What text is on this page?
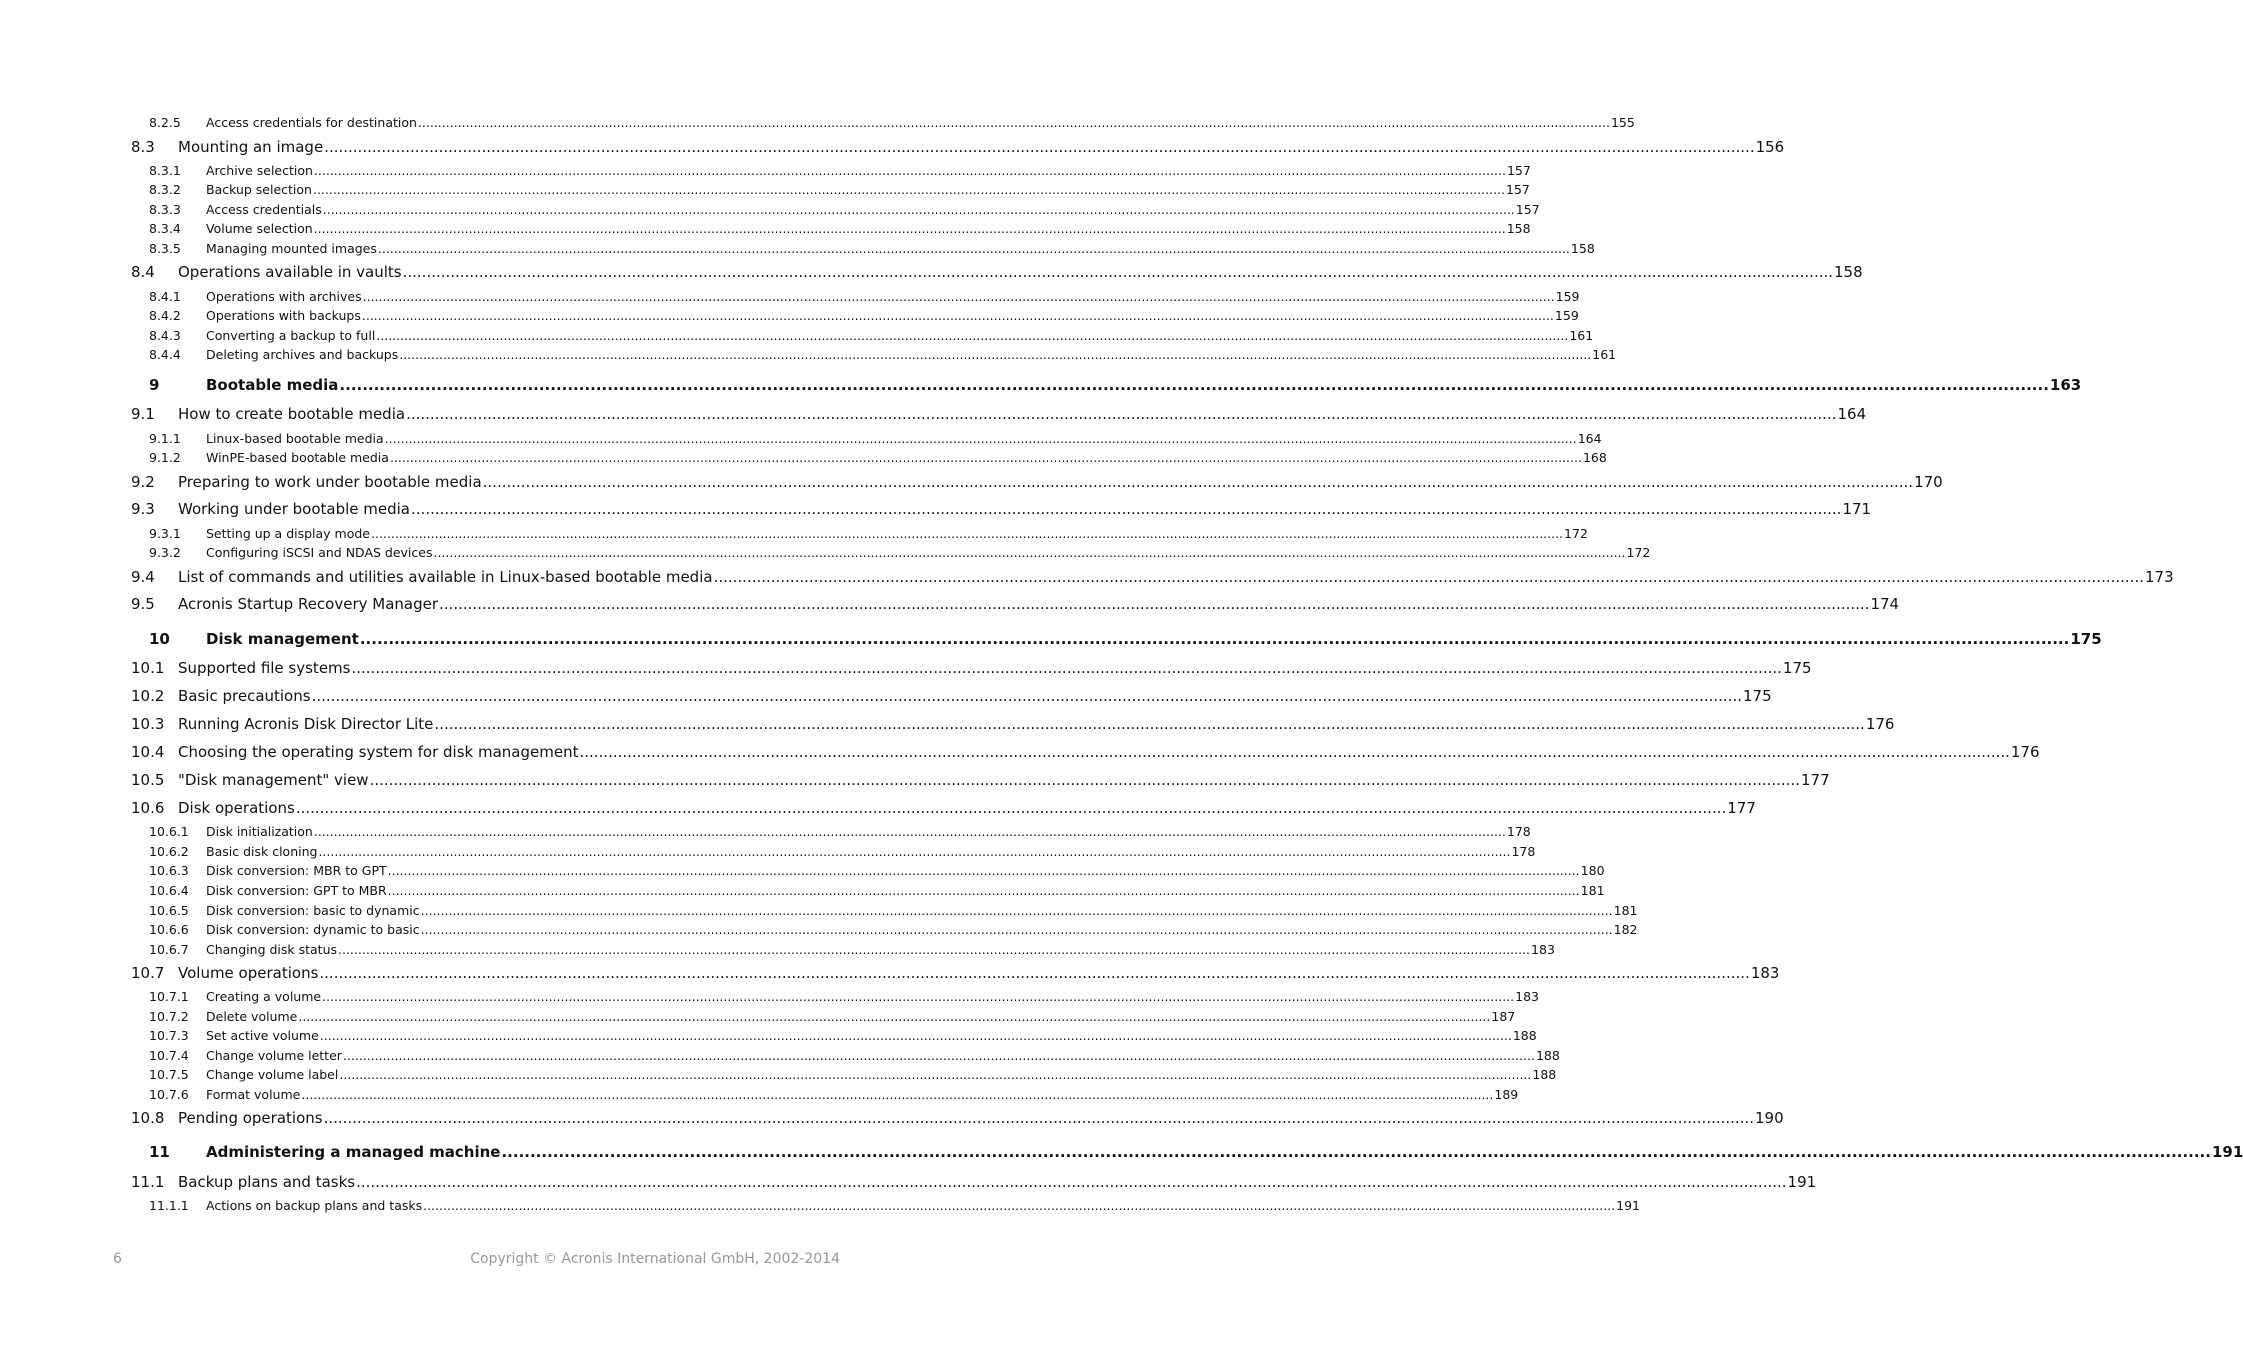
8.2.5 Access credentials for destination ............................................................................................................................................................................................................................................................................................................ 155
8.3 Mounting an image ............................................................................................................................................................................................................................................................................................................ 156
8.3.1 Archive selection ............................................................................................................................................................................................................................................................................................................ 157
8.3.2 Backup selection ............................................................................................................................................................................................................................................................................................................ 157
8.3.3 Access credentials ............................................................................................................................................................................................................................................................................................................ 157
8.3.4 Volume selection ............................................................................................................................................................................................................................................................................................................ 158
8.3.5 Managing mounted images ............................................................................................................................................................................................................................................................................................................ 158
8.4 Operations available in vaults ............................................................................................................................................................................................................................................................................................................ 158
8.4.1 Operations with archives ............................................................................................................................................................................................................................................................................................................ 159
8.4.2 Operations with backups ............................................................................................................................................................................................................................................................................................................ 159
8.4.3 Converting a backup to full ............................................................................................................................................................................................................................................................................................................ 161
8.4.4 Deleting archives and backups ............................................................................................................................................................................................................................................................................................................ 161
9	Bootable media ............................................................................................................................................................................................................................................................................................................ 163
9.1 How to create bootable media ............................................................................................................................................................................................................................................................................................................ 164
9.1.1 Linux-based bootable media ............................................................................................................................................................................................................................................................................................................ 164
9.1.2 WinPE-based bootable media ............................................................................................................................................................................................................................................................................................................ 168
9.2 Preparing to work under bootable media ............................................................................................................................................................................................................................................................................................................ 170
9.3 Working under bootable media ............................................................................................................................................................................................................................................................................................................ 171
9.3.1 Setting up a display mode ............................................................................................................................................................................................................................................................................................................ 172
9.3.2 Configuring iSCSI and NDAS devices ............................................................................................................................................................................................................................................................................................................ 172
9.4 List of commands and utilities available in Linux-based bootable media ............................................................................................................................................................................................................................................................................................................ 173
9.5 Acronis Startup Recovery Manager ............................................................................................................................................................................................................................................................................................................ 174
10 Disk management ............................................................................................................................................................................................................................................................................................................ 175
10.1 Supported file systems ............................................................................................................................................................................................................................................................................................................ 175
10.2 Basic precautions ............................................................................................................................................................................................................................................................................................................ 175
10.3 Running Acronis Disk Director Lite ............................................................................................................................................................................................................................................................................................................ 176
10.4 Choosing the operating system for disk management ............................................................................................................................................................................................................................................................................................................ 176
10.5 "Disk management" view ............................................................................................................................................................................................................................................................................................................ 177
10.6 Disk operations ............................................................................................................................................................................................................................................................................................................ 177
10.6.1 Disk initialization ............................................................................................................................................................................................................................................................................................................ 178
10.6.2 Basic disk cloning ............................................................................................................................................................................................................................................................................................................ 178
10.6.3 Disk conversion: MBR to GPT ............................................................................................................................................................................................................................................................................................................ 180
10.6.4 Disk conversion: GPT to MBR ............................................................................................................................................................................................................................................................................................................ 181
10.6.5 Disk conversion: basic to dynamic ............................................................................................................................................................................................................................................................................................................ 181
10.6.6 Disk conversion: dynamic to basic ............................................................................................................................................................................................................................................................................................................ 182
10.6.7 Changing disk status ............................................................................................................................................................................................................................................................................................................ 183
10.7 Volume operations ............................................................................................................................................................................................................................................................................................................ 183
10.7.1 Creating a volume ............................................................................................................................................................................................................................................................................................................ 183
10.7.2 Delete volume ............................................................................................................................................................................................................................................................................................................ 187
10.7.3 Set active volume ............................................................................................................................................................................................................................................................................................................ 188
10.7.4 Change volume letter ............................................................................................................................................................................................................................................................................................................ 188
10.7.5 Change volume label ............................................................................................................................................................................................................................................................................................................ 188
10.7.6 Format volume ............................................................................................................................................................................................................................................................................................................ 189
10.8 Pending operations ............................................................................................................................................................................................................................................................................................................ 190
11 Administering a managed machine ............................................................................................................................................................................................................................................................................................................ 191
11.1 Backup plans and tasks ............................................................................................................................................................................................................................................................................................................ 191
11.1.1 Actions on backup plans and tasks ............................................................................................................................................................................................................................................................................................................ 191
6	Copyright © Acronis International GmbH, 2002-2014
